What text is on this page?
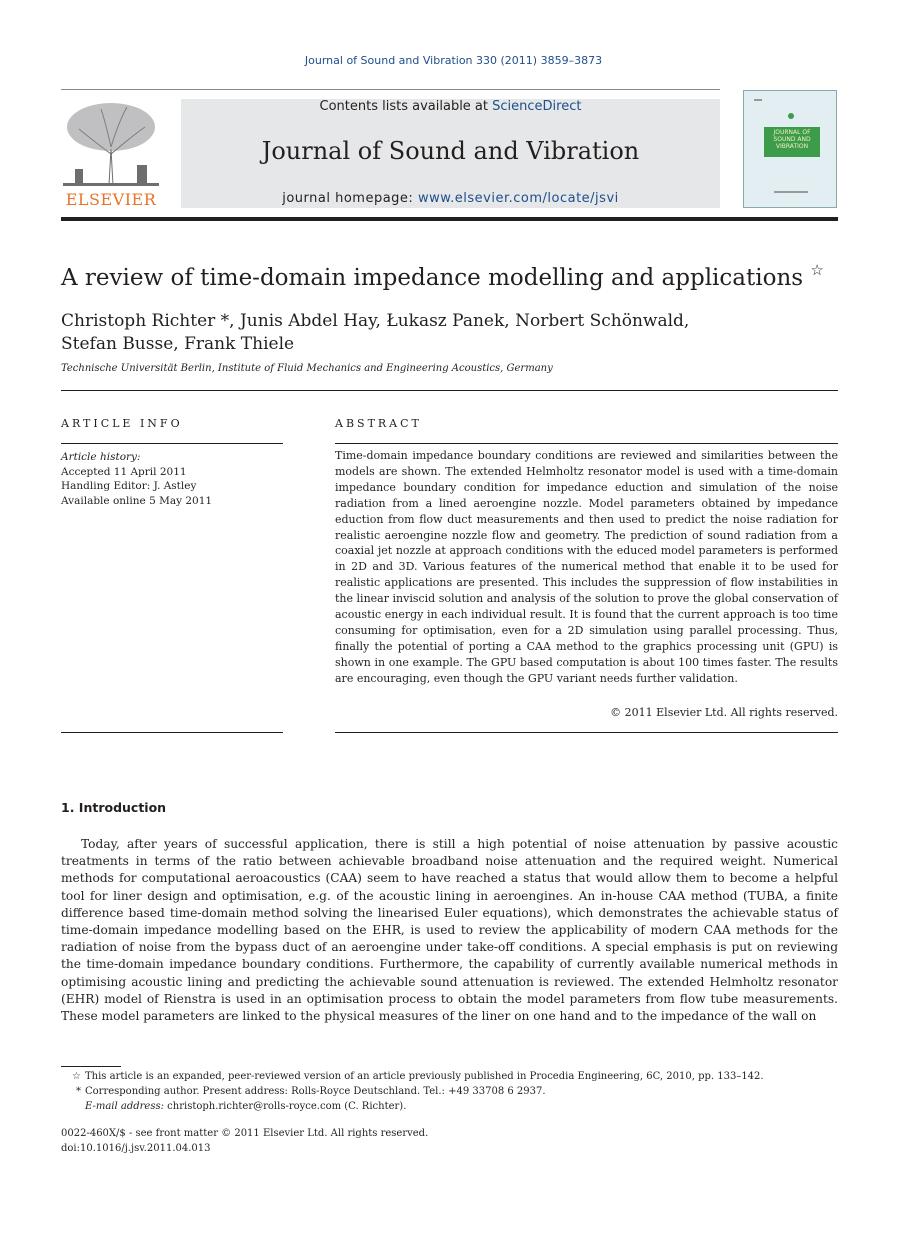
Journal of Sound and Vibration 330 (2011) 3859–3873
ELSEVIER
Contents lists available at ScienceDirect
Journal of Sound and Vibration
journal homepage: www.elsevier.com/locate/jsvi
JOURNAL OF SOUND AND VIBRATION
A review of time-domain impedance modelling and applications ☆
Christoph Richter *, Junis Abdel Hay, Łukasz Panek, Norbert Schönwald,
Stefan Busse, Frank Thiele
Technische Universität Berlin, Institute of Fluid Mechanics and Engineering Acoustics, Germany
ARTICLE INFO
Article history:
Accepted 11 April 2011
Handling Editor: J. Astley
Available online 5 May 2011
ABSTRACT
Time-domain impedance boundary conditions are reviewed and similarities between the models are shown. The extended Helmholtz resonator model is used with a time-domain impedance boundary condition for impedance eduction and simulation of the noise radiation from a lined aeroengine nozzle. Model parameters obtained by impedance eduction from flow duct measurements and then used to predict the noise radiation for realistic aeroengine nozzle flow and geometry. The prediction of sound radiation from a coaxial jet nozzle at approach conditions with the educed model parameters is performed in 2D and 3D. Various features of the numerical method that enable it to be used for realistic applications are presented. This includes the suppression of flow instabilities in the linear inviscid solution and analysis of the solution to prove the global conservation of acoustic energy in each individual result. It is found that the current approach is too time consuming for optimisation, even for a 2D simulation using parallel processing. Thus, finally the potential of porting a CAA method to the graphics processing unit (GPU) is shown in one example. The GPU based computation is about 100 times faster. The results are encouraging, even though the GPU variant needs further validation.
© 2011 Elsevier Ltd. All rights reserved.
1. Introduction
Today, after years of successful application, there is still a high potential of noise attenuation by passive acoustic treatments in terms of the ratio between achievable broadband noise attenuation and the required weight. Numerical methods for computational aeroacoustics (CAA) seem to have reached a status that would allow them to become a helpful tool for liner design and optimisation, e.g. of the acoustic lining in aeroengines. An in-house CAA method (TUBA, a finite difference based time-domain method solving the linearised Euler equations), which demonstrates the achievable status of time-domain impedance modelling based on the EHR, is used to review the applicability of modern CAA methods for the radiation of noise from the bypass duct of an aeroengine under take-off conditions. A special emphasis is put on reviewing the time-domain impedance boundary conditions. Furthermore, the capability of currently available numerical methods in optimising acoustic lining and predicting the achievable sound attenuation is reviewed. The extended Helmholtz resonator (EHR) model of Rienstra is used in an optimisation process to obtain the model parameters from flow tube measurements. These model parameters are linked to the physical measures of the liner on one hand and to the impedance of the wall on
☆ This article is an expanded, peer-reviewed version of an article previously published in Procedia Engineering, 6C, 2010, pp. 133–142.
* Corresponding author. Present address: Rolls-Royce Deutschland. Tel.: +49 33708 6 2937.
E-mail address: christoph.richter@rolls-royce.com (C. Richter).
0022-460X/$ - see front matter © 2011 Elsevier Ltd. All rights reserved.
doi:10.1016/j.jsv.2011.04.013
